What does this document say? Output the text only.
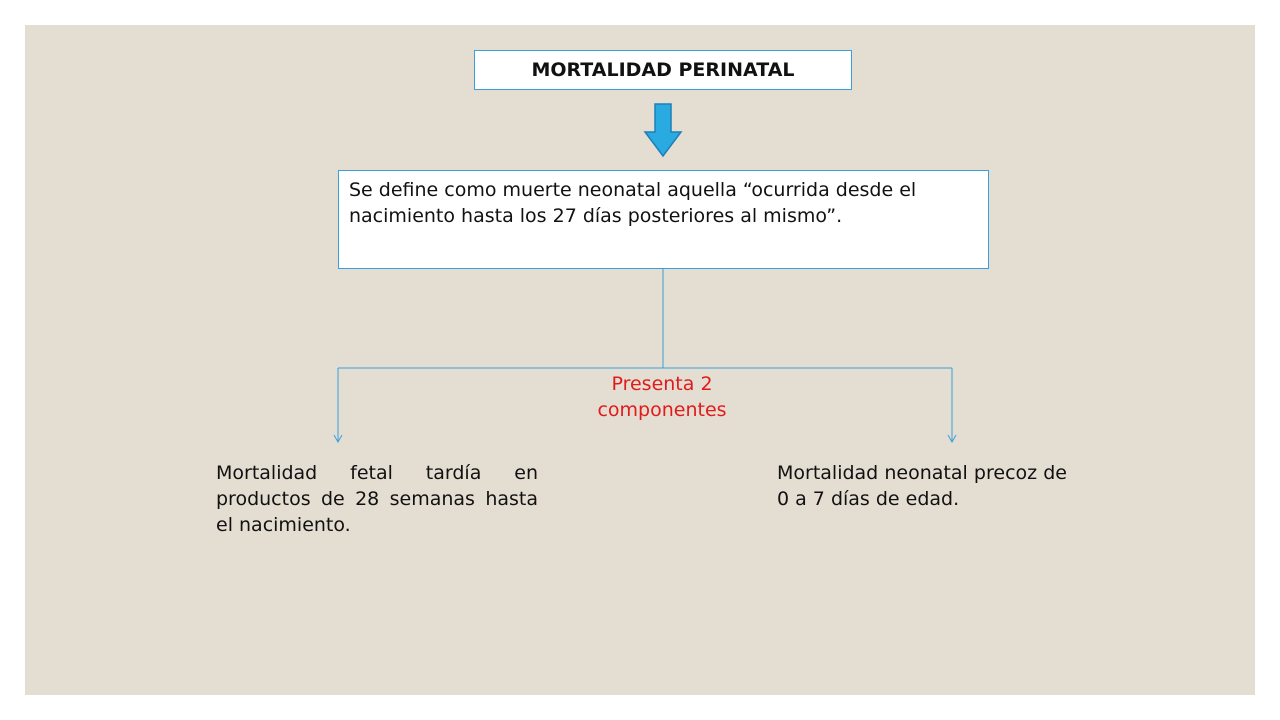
MORTALIDAD PERINATAL
Se define como muerte neonatal aquella “ocurrida desde el nacimiento hasta los 27 días posteriores al mismo”.
Presenta 2 componentes
Mortalidad fetal tardía en productos de 28 semanas hasta el nacimiento.
Mortalidad neonatal precoz de 0 a 7 días de edad.
